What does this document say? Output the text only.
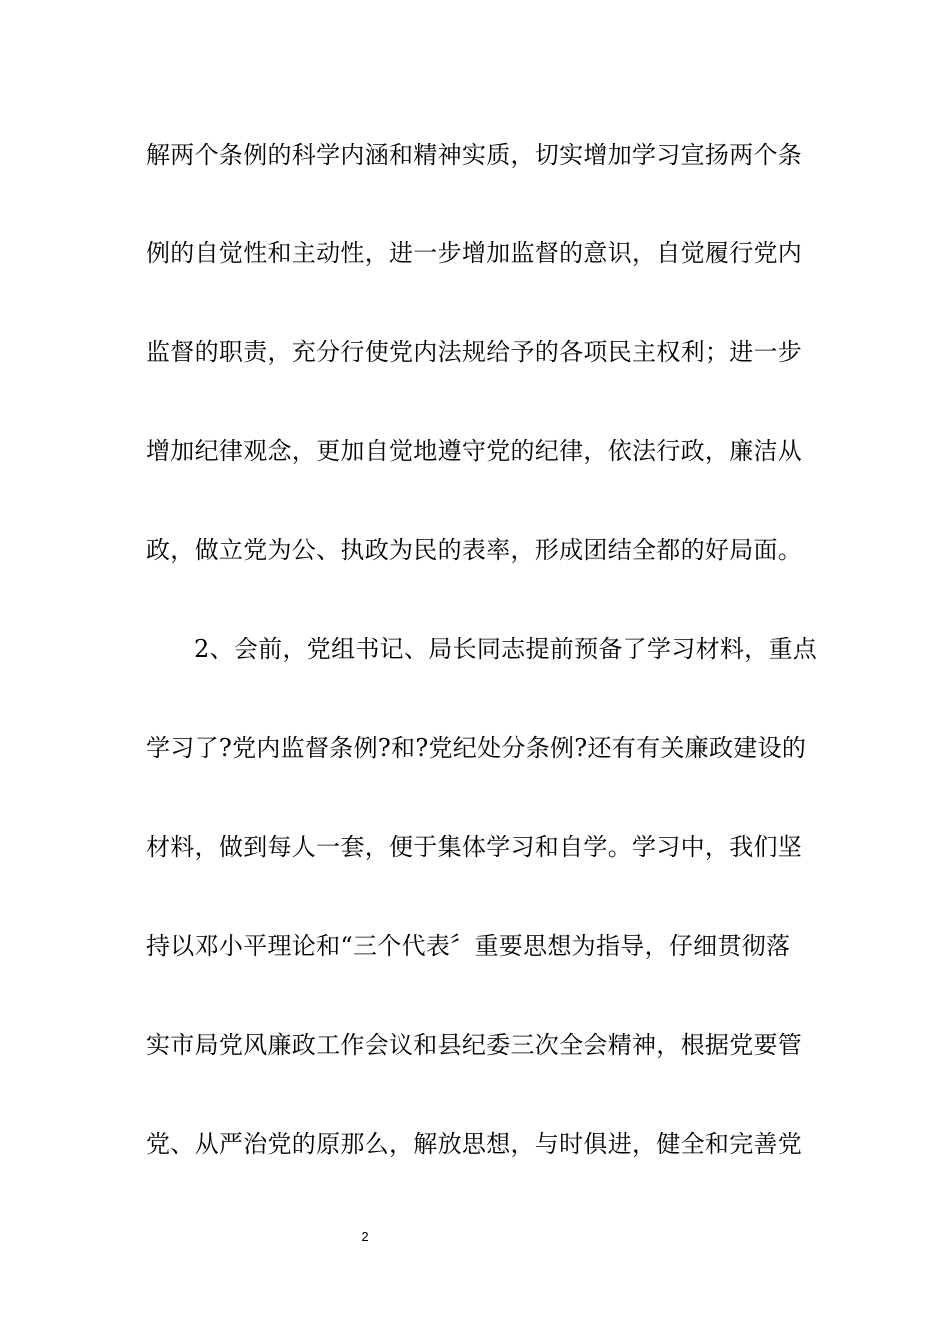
解两个条例的科学内涵和精神实质，切实增加学习宣扬两个条
例的自觉性和主动性，进一步增加监督的意识，自觉履行党内
监督的职责，充分行使党内法规给予的各项民主权利；进一步
增加纪律观念，更加自觉地遵守党的纪律，依法行政，廉洁从
政，做立党为公、执政为民的表率，形成团结全都的好局面。
2、会前，党组书记、局长同志提前预备了学习材料，重点
学习了?党内监督条例?和?党纪处分条例?还有有关廉政建设的
材料，做到每人一套，便于集体学习和自学。学习中，我们坚
持以邓小平理论和“三个代表〞重要思想为指导，仔细贯彻落
实市局党风廉政工作会议和县纪委三次全会精神，根据党要管
党、从严治党的原那么，解放思想，与时俱进，健全和完善党
2
